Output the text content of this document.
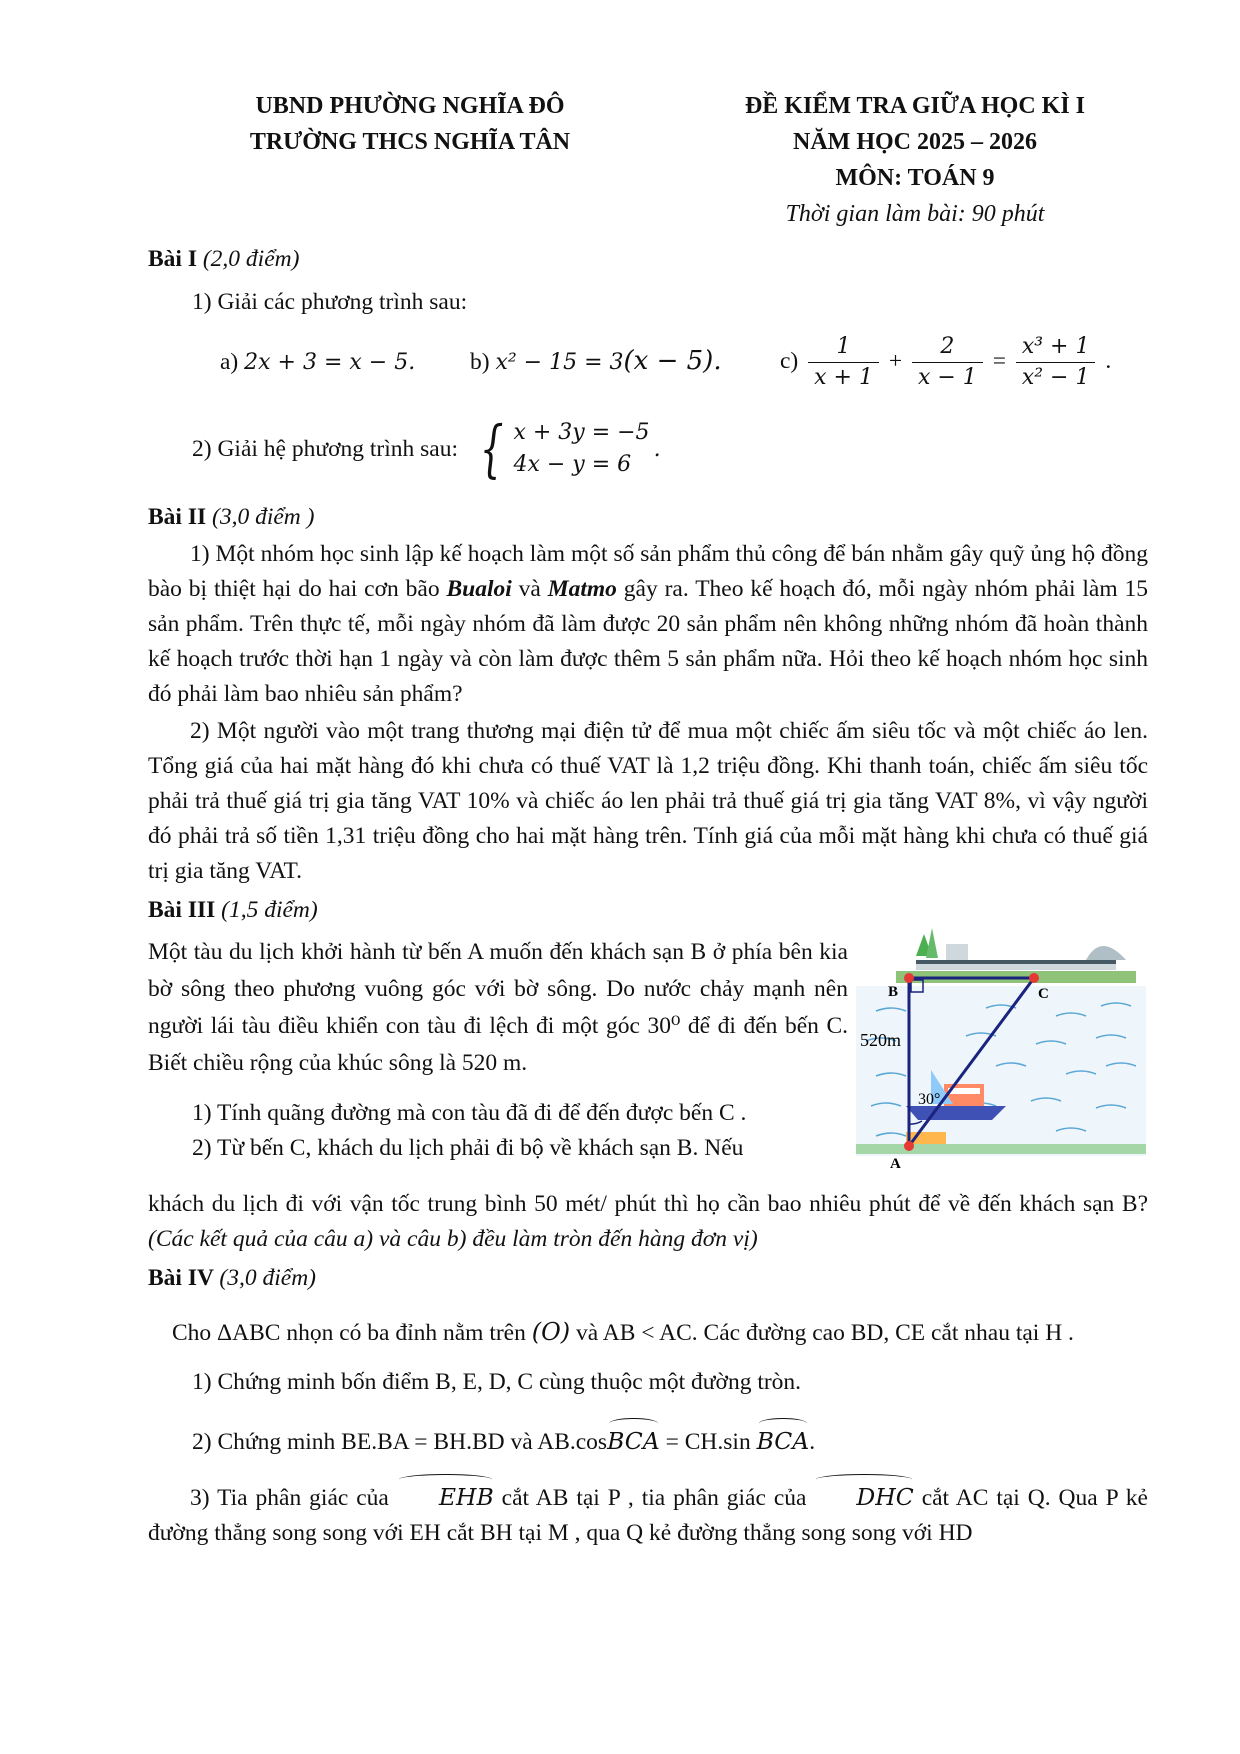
UBND PHƯỜNG NGHĨA ĐÔ
TRƯỜNG THCS NGHĨA TÂN
ĐỀ KIỂM TRA GIỮA HỌC KÌ I
NĂM HỌC 2025 – 2026
MÔN: TOÁN 9
Thời gian làm bài: 90 phút
Bài I (2,0 điểm)

1) Giải các phương trình sau:

a) 2x + 3 = x − 5.	b) x² − 15 = 3(x − 5).	$c) \frac{1}{x + 1} + \frac{2}{x - 1} = \frac{\text{x³ + 1}}{\text{x² − 1}}$ .
2) Giải hệ phương trình sau: { x + 3y = −5
4x − y = 6
.
Bài II (3,0 điểm )

1) Một nhóm học sinh lập kế hoạch làm một số sản phẩm thủ công để bán nhằm gây quỹ ủng hộ đồng bào bị thiệt hại do hai cơn bão Bualoi và Matmo gây ra. Theo kế hoạch đó, mỗi ngày nhóm phải làm 15 sản phẩm. Trên thực tế, mỗi ngày nhóm đã làm được 20 sản phẩm nên không những nhóm đã hoàn thành kế hoạch trước thời hạn 1 ngày và còn làm được thêm 5 sản phẩm nữa. Hỏi theo kế hoạch nhóm học sinh đó phải làm bao nhiêu sản phẩm?

2) Một người vào một trang thương mại điện tử để mua một chiếc ấm siêu tốc và một chiếc áo len. Tổng giá của hai mặt hàng đó khi chưa có thuế VAT là 1,2 triệu đồng. Khi thanh toán, chiếc ấm siêu tốc phải trả thuế giá trị gia tăng VAT 10% và chiếc áo len phải trả thuế giá trị gia tăng VAT 8%, vì vậy người đó phải trả số tiền 1,31 triệu đồng cho hai mặt hàng trên. Tính giá của mỗi mặt hàng khi chưa có thuế giá trị gia tăng VAT.

Bài III (1,5 điểm)

Một tàu du lịch khởi hành từ bến A muốn đến khách sạn B ở phía bên kia bờ sông theo phương vuông góc với bờ sông. Do nước chảy mạnh nên người lái tàu điều khiển con tàu đi lệch đi một góc 30⁰ để đi đến bến C. Biết chiều rộng của khúc sông là 520 m.

1) Tính quãng đường mà con tàu đã đi để đến được bến C .

2) Từ bến C, khách du lịch phải đi bộ về khách sạn B. Nếu

B	C
A
520m
30°

khách du lịch đi với vận tốc trung bình 50 mét/ phút thì họ cần bao nhiêu phút để về đến khách sạn B? (Các kết quả của câu a) và câu b) đều làm tròn đến hàng đơn vị)

Bài IV (3,0 điểm)

Cho ΔABC nhọn có ba đỉnh nằm trên (O) và AB < AC. Các đường cao BD, CE cắt nhau tại H .

1) Chứng minh bốn điểm B, E, D, C cùng thuộc một đường tròn.

2) Chứng minh BE.BA = BH.BD và AB.cosBCA = CH.sin BCA.

3) Tia phân giác của EHB cắt AB tại P , tia phân giác của DHC cắt AC tại Q. Qua P kẻ đường thẳng song song với EH cắt BH tại M , qua Q kẻ đường thẳng song song với HD
